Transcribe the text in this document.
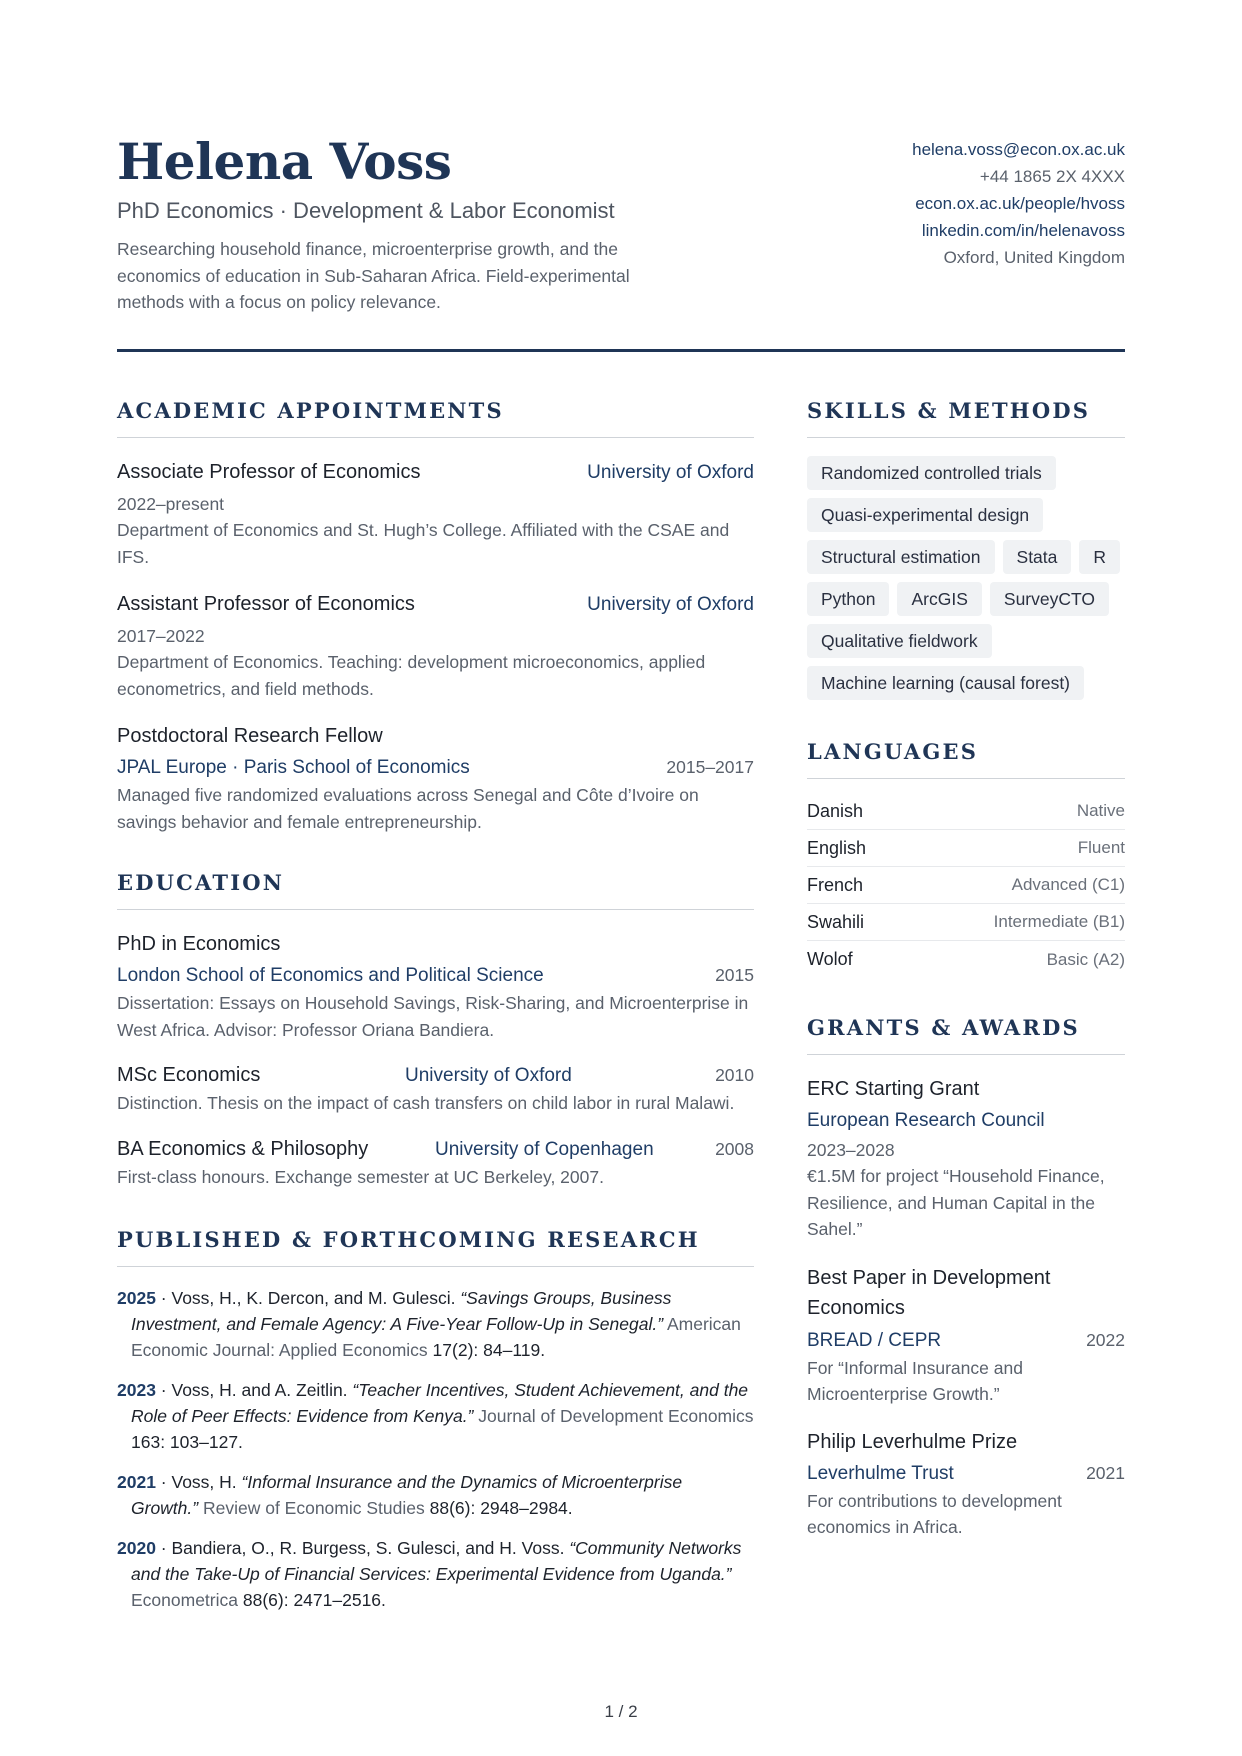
Helena Voss
PhD Economics · Development & Labor Economist
Researching household finance, microenterprise growth, and the economics of education in Sub-Saharan Africa. Field-experimental methods with a focus on policy relevance.
helena.voss@econ.ox.ac.uk
+44 1865 2X 4XXX
econ.ox.ac.uk/people/hvoss
linkedin.com/in/helenavoss
Oxford, United Kingdom
ACADEMIC APPOINTMENTS
Associate Professor of Economics	University of Oxford
2022–present
Department of Economics and St. Hugh’s College. Affiliated with the CSAE and IFS.
Assistant Professor of Economics	University of Oxford
2017–2022
Department of Economics. Teaching: development microeconomics, applied econometrics, and field methods.
Postdoctoral Research Fellow
JPAL Europe · Paris School of Economics	2015–2017
Managed five randomized evaluations across Senegal and Côte d’Ivoire on savings behavior and female entrepreneurship.
EDUCATION
PhD in Economics
London School of Economics and Political Science	2015
Dissertation: Essays on Household Savings, Risk-Sharing, and Microenterprise in West Africa. Advisor: Professor Oriana Bandiera.
MSc Economics	University of Oxford	2010
Distinction. Thesis on the impact of cash transfers on child labor in rural Malawi.
BA Economics & Philosophy	University of Copenhagen	2008
First-class honours. Exchange semester at UC Berkeley, 2007.
PUBLISHED & FORTHCOMING RESEARCH
2025 · Voss, H., K. Dercon, and M. Gulesci. “Savings Groups, Business Investment, and Female Agency: A Five-Year Follow-Up in Senegal.” American Economic Journal: Applied Economics 17(2): 84–119.
2023 · Voss, H. and A. Zeitlin. “Teacher Incentives, Student Achievement, and the Role of Peer Effects: Evidence from Kenya.” Journal of Development Economics 163: 103–127.
2021 · Voss, H. “Informal Insurance and the Dynamics of Microenterprise Growth.” Review of Economic Studies 88(6): 2948–2984.
2020 · Bandiera, O., R. Burgess, S. Gulesci, and H. Voss. “Community Networks and the Take-Up of Financial Services: Experimental Evidence from Uganda.” Econometrica 88(6): 2471–2516.
SKILLS & METHODS
Randomized controlled trials
Quasi-experimental design
Structural estimation	Stata	R
Python	ArcGIS	SurveyCTO
Qualitative fieldwork
Machine learning (causal forest)
LANGUAGES
Danish	Native
English	Fluent
French	Advanced (C1)
Swahili	Intermediate (B1)
Wolof	Basic (A2)
GRANTS & AWARDS
ERC Starting Grant
European Research Council
2023–2028
€1.5M for project “Household Finance, Resilience, and Human Capital in the Sahel.”
Best Paper in Development Economics
BREAD / CEPR	2022
For “Informal Insurance and Microenterprise Growth.”
Philip Leverhulme Prize
Leverhulme Trust	2021
For contributions to development economics in Africa.
1 / 2
